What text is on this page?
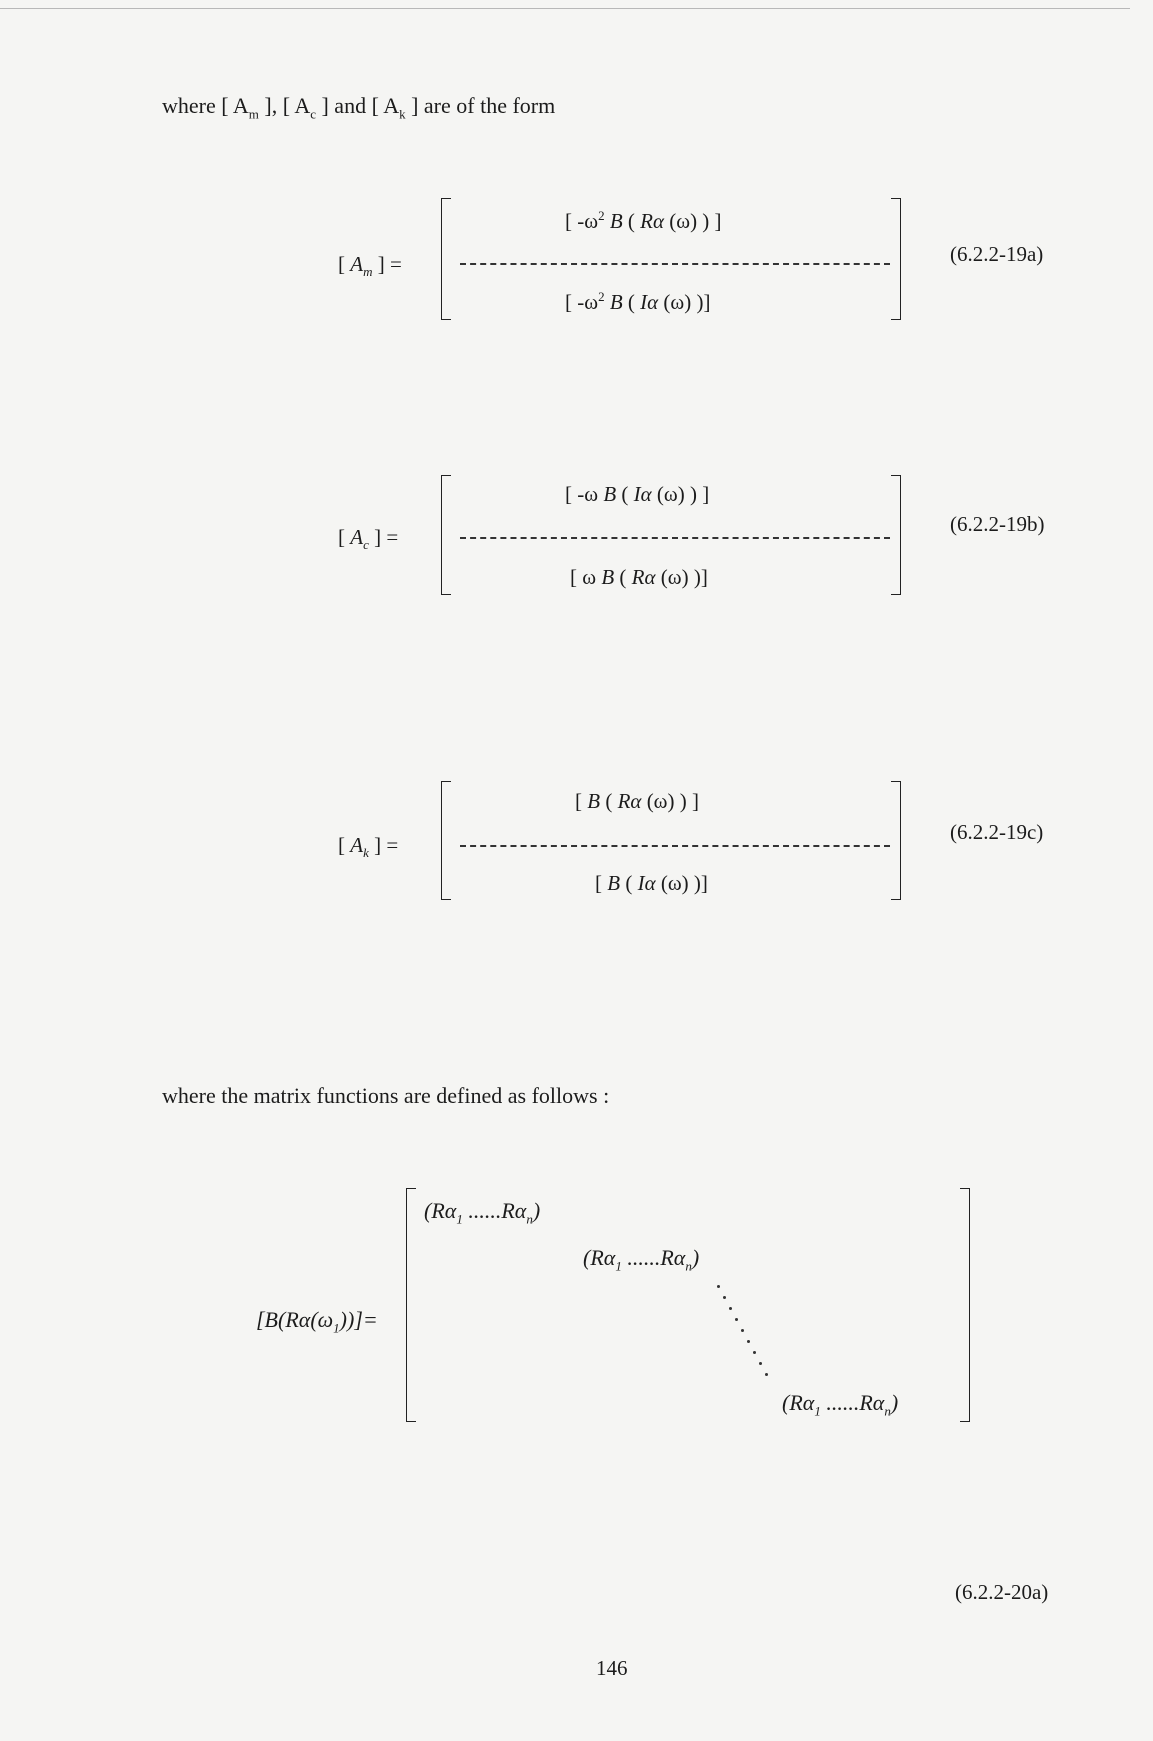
where [ $A_m$ ], [ $A_c$ ] and [ $A_k$ ] are of the form
[ $A_m$ ] =
[ $-\omega^2$ B ( Rα (ω) ) ]
[ $-\omega^2$ B ( Iα (ω) )]
(6.2.2-19a)
[ $A_c$ ] =
[ -ω B ( Iα (ω) ) ]
[ ω B ( Rα (ω) )]
(6.2.2-19b)
[ $A_k$ ] =
[ B ( Rα (ω) ) ]
[ B ( Iα (ω) )]
(6.2.2-19c)
where the matrix functions are defined as follows :
$[B(R\alpha(\omega_1))]=$
($R\alpha_1$ $......R\alpha_n$)
($R\alpha_1$ $......R\alpha_n$)
($R\alpha_1$ $......R\alpha_n$)
(6.2.2-20a)
146
